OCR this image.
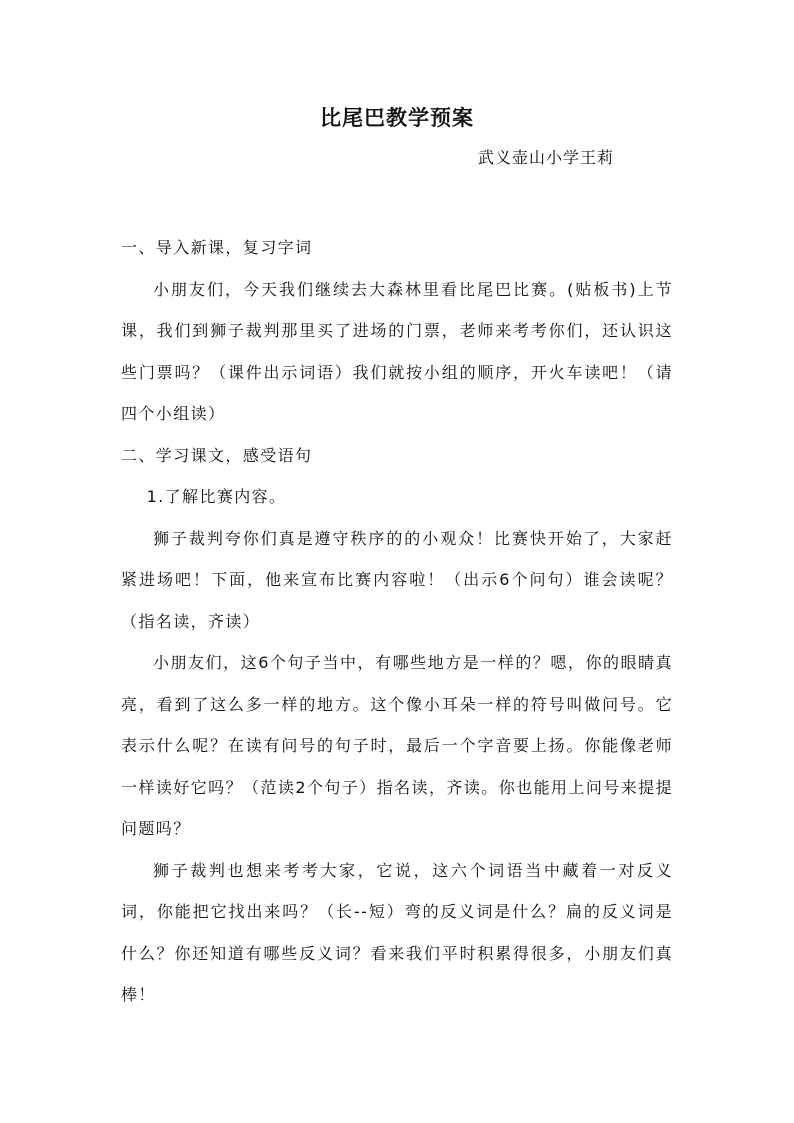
比尾巴教学预案
武义壶山小学王莉

一、导入新课，复习字词

小朋友们，今天我们继续去大森林里看比尾巴比赛。(贴板书)上节课，我们到狮子裁判那里买了进场的门票，老师来考考你们，还认识这些门票吗？（课件出示词语）我们就按小组的顺序，开火车读吧！（请四个小组读）

二、学习课文，感受语句

1.了解比赛内容。

狮子裁判夸你们真是遵守秩序的的小观众！比赛快开始了，大家赶紧进场吧！下面，他来宣布比赛内容啦！（出示6个问句）谁会读呢？（指名读，齐读）

小朋友们，这6个句子当中，有哪些地方是一样的？嗯，你的眼睛真亮，看到了这么多一样的地方。这个像小耳朵一样的符号叫做问号。它表示什么呢？在读有问号的句子时，最后一个字音要上扬。你能像老师一样读好它吗？（范读2个句子）指名读，齐读。你也能用上问号来提提问题吗？

狮子裁判也想来考考大家，它说，这六个词语当中藏着一对反义词，你能把它找出来吗？（长--短）弯的反义词是什么？扁的反义词是什么？你还知道有哪些反义词？看来我们平时积累得很多，小朋友们真棒！
